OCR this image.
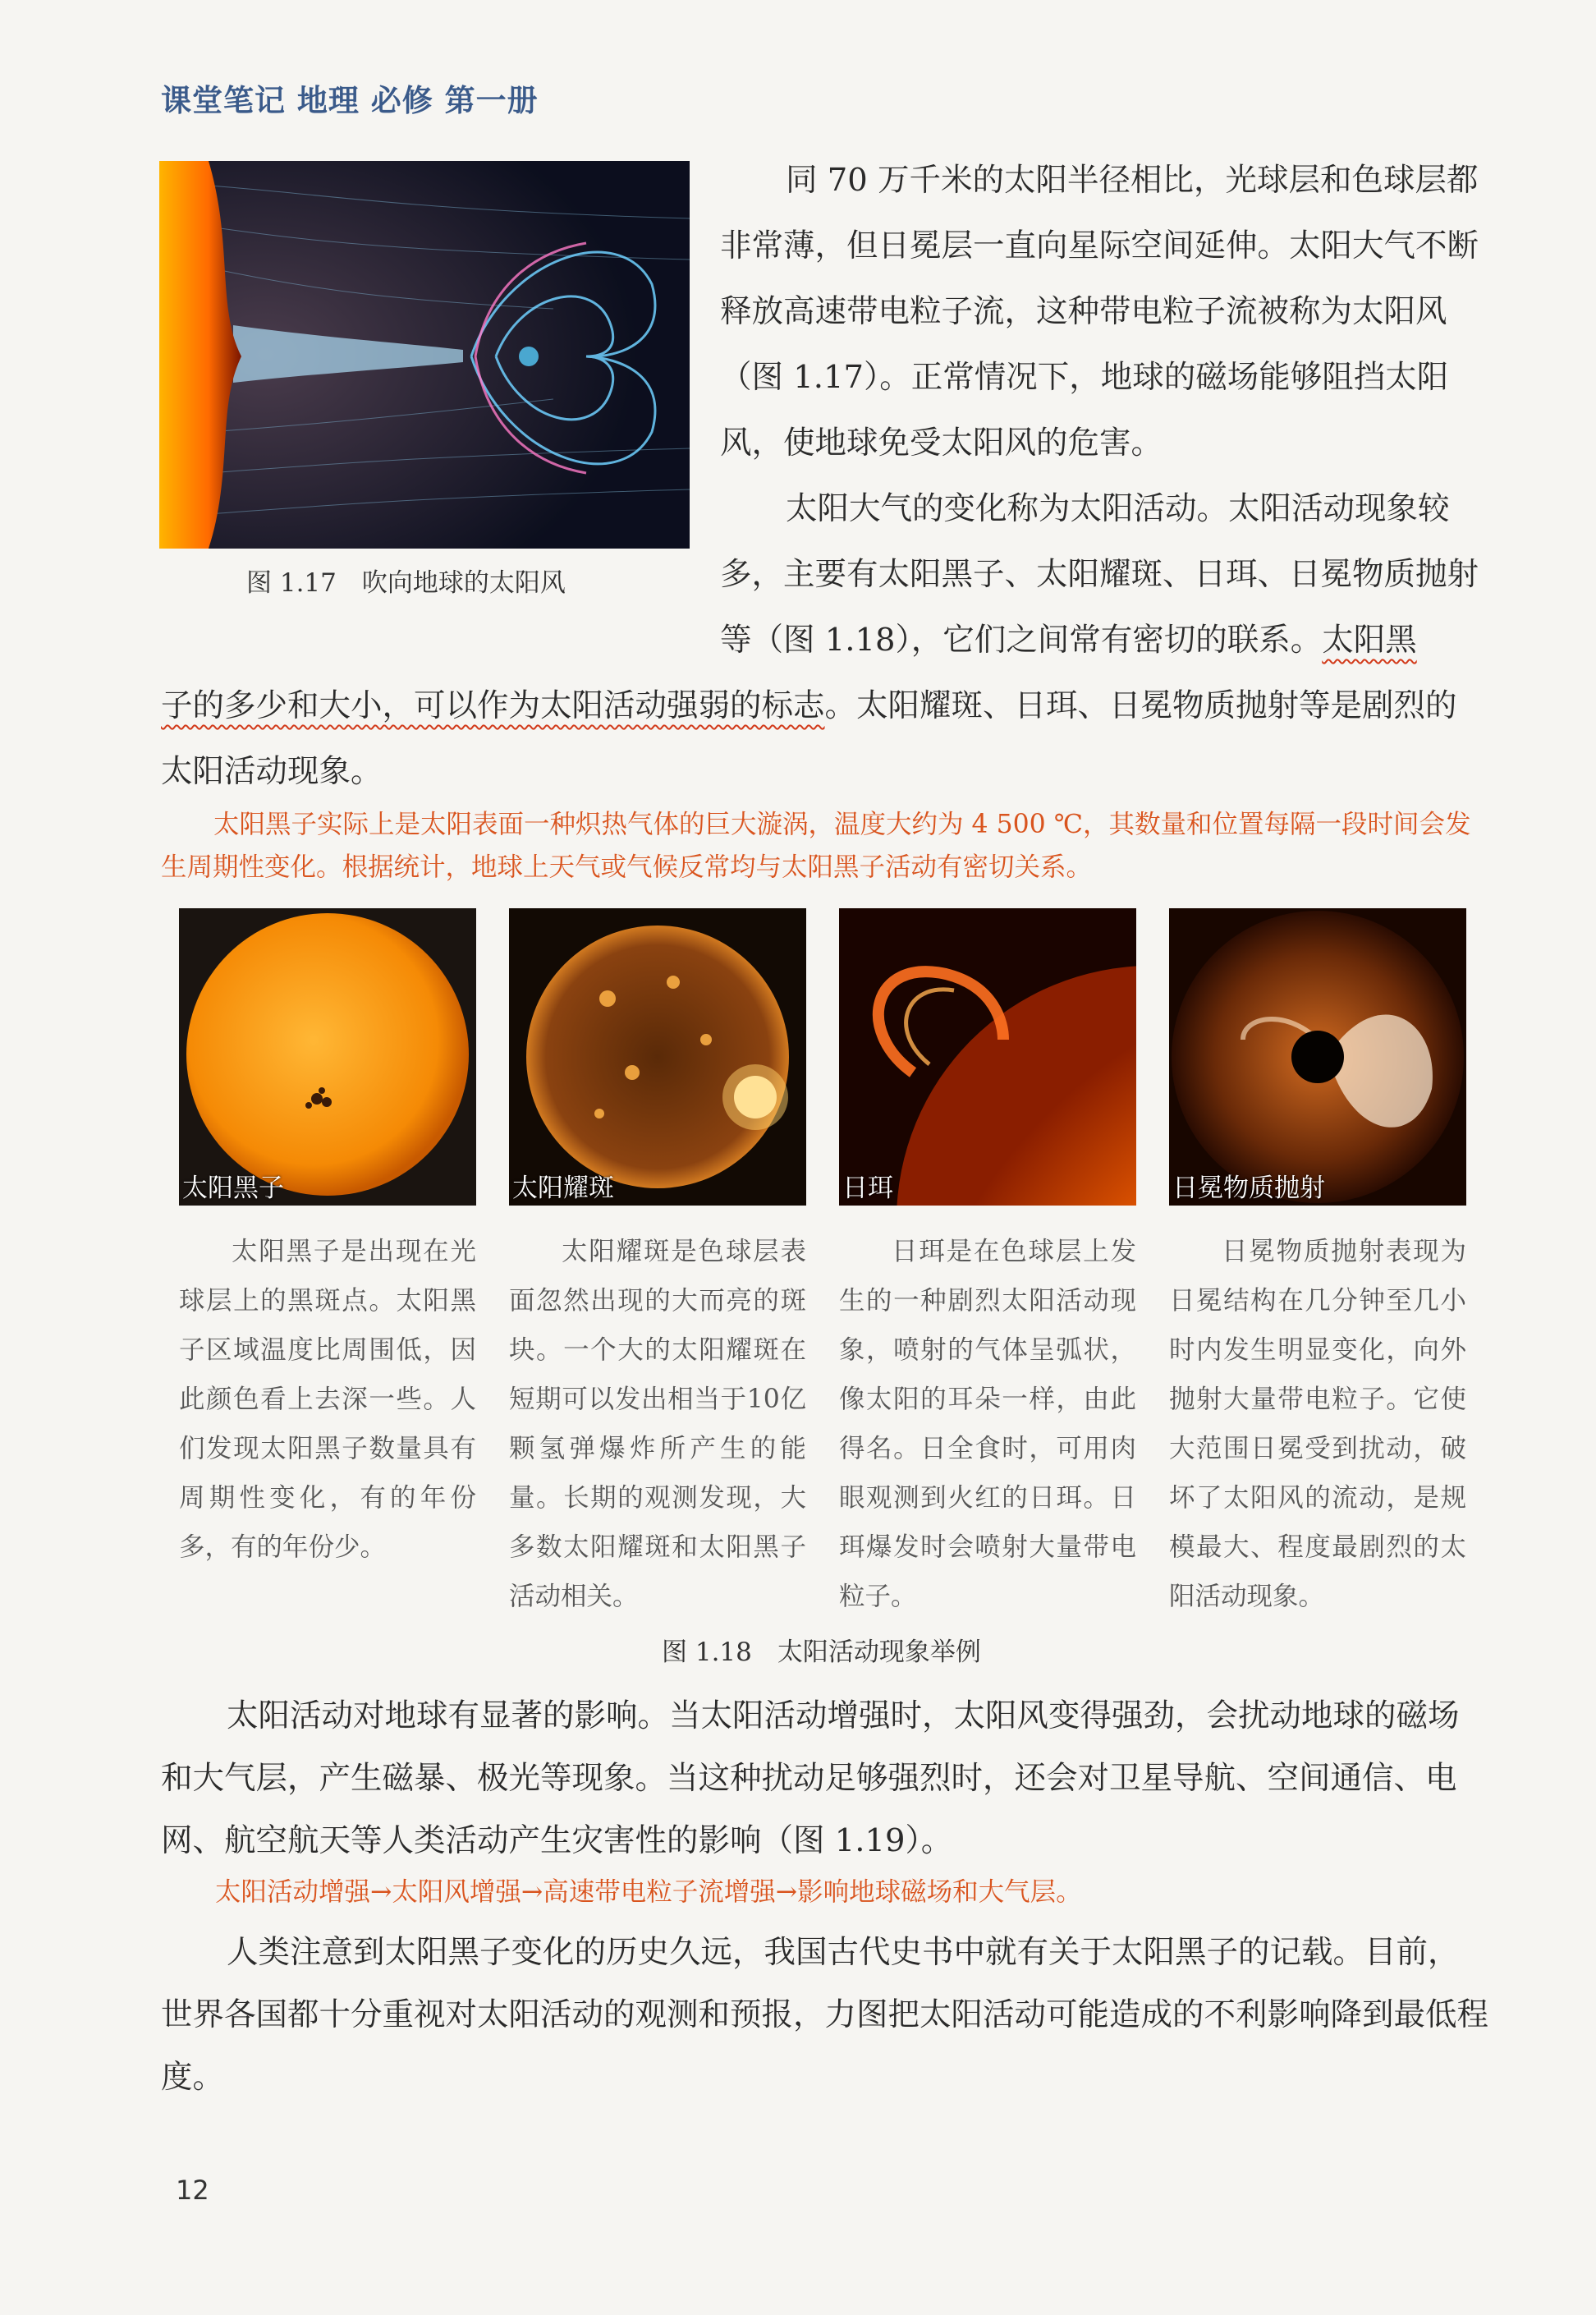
课堂笔记 地理 必修 第一册
图 1.17　吹向地球的太阳风

同 70 万千米的太阳半径相比，光球层和色球层都非常薄，但日冕层一直向星际空间延伸。太阳大气不断释放高速带电粒子流，这种带电粒子流被称为太阳风（图 1.17）。正常情况下，地球的磁场能够阻挡太阳风，使地球免受太阳风的危害。

太阳大气的变化称为太阳活动。太阳活动现象较多，主要有太阳黑子、太阳耀斑、日珥、日冕物质抛射等（图 1.18），它们之间常有密切的联系。太阳黑

子的多少和大小，可以作为太阳活动强弱的标志。太阳耀斑、日珥、日冕物质抛射等是剧烈的太阳活动现象。

太阳黑子实际上是太阳表面一种炽热气体的巨大漩涡，温度大约为 4 500 ℃，其数量和位置每隔一段时间会发生周期性变化。根据统计，地球上天气或气候反常均与太阳黑子活动有密切关系。

太阳黑子	太阳耀斑	日珥	日冕物质抛射

太阳黑子是出现在光球层上的黑斑点。太阳黑子区域温度比周围低，因此颜色看上去深一些。人们发现太阳黑子数量具有周期性变化，有的年份多，有的年份少。

太阳耀斑是色球层表面忽然出现的大而亮的斑块。一个大的太阳耀斑在短期可以发出相当于10亿颗氢弹爆炸所产生的能量。长期的观测发现，大多数太阳耀斑和太阳黑子活动相关。

日珥是在色球层上发生的一种剧烈太阳活动现象，喷射的气体呈弧状，像太阳的耳朵一样，由此得名。日全食时，可用肉眼观测到火红的日珥。日珥爆发时会喷射大量带电粒子。

日冕物质抛射表现为日冕结构在几分钟至几小时内发生明显变化，向外抛射大量带电粒子。它使大范围日冕受到扰动，破坏了太阳风的流动，是规模最大、程度最剧烈的太阳活动现象。

图 1.18　太阳活动现象举例

太阳活动对地球有显著的影响。当太阳活动增强时，太阳风变得强劲，会扰动地球的磁场和大气层，产生磁暴、极光等现象。当这种扰动足够强烈时，还会对卫星导航、空间通信、电网、航空航天等人类活动产生灾害性的影响（图 1.19）。

太阳活动增强→太阳风增强→高速带电粒子流增强→影响地球磁场和大气层。

人类注意到太阳黑子变化的历史久远，我国古代史书中就有关于太阳黑子的记载。目前，世界各国都十分重视对太阳活动的观测和预报，力图把太阳活动可能造成的不利影响降到最低程度。

12
